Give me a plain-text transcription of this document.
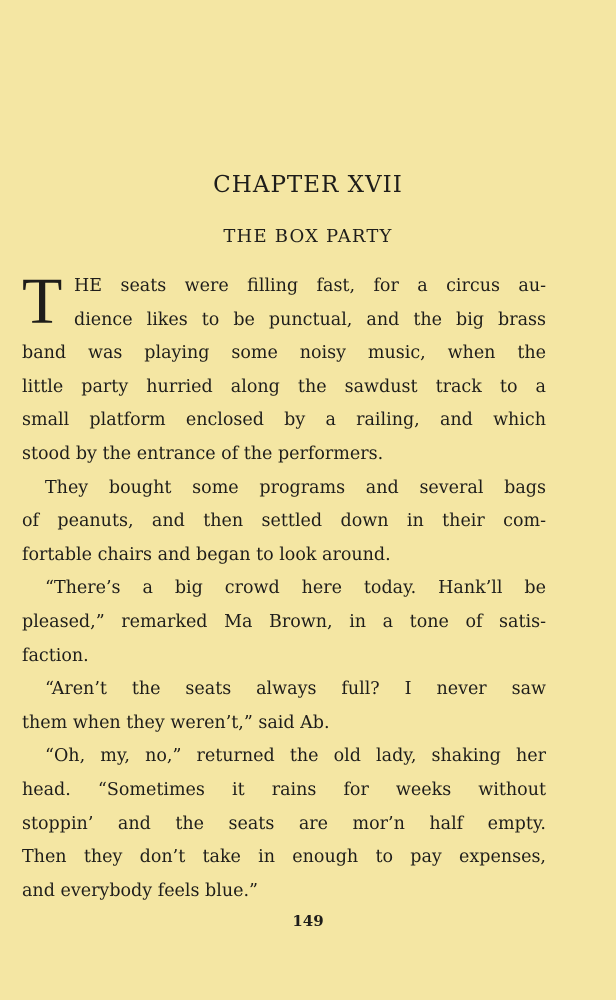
CHAPTER XVII
THE BOX PARTY
T HE seats were filling fast, for a circus au-
dience likes to be punctual, and the big brass
band was playing some noisy music, when the
little party hurried along the sawdust track to a
small platform enclosed by a railing, and which
stood by the entrance of the performers.
They bought some programs and several bags
of peanuts, and then settled down in their com-
fortable chairs and began to look around.
“There’s a big crowd here today. Hank’ll be
pleased,” remarked Ma Brown, in a tone of satis-
faction.
“Aren’t the seats always full? I never saw
them when they weren’t,” said Ab.
“Oh, my, no,” returned the old lady, shaking her
head. “Sometimes it rains for weeks without
stoppin’ and the seats are mor’n half empty.
Then they don’t take in enough to pay expenses,
and everybody feels blue.”
149
